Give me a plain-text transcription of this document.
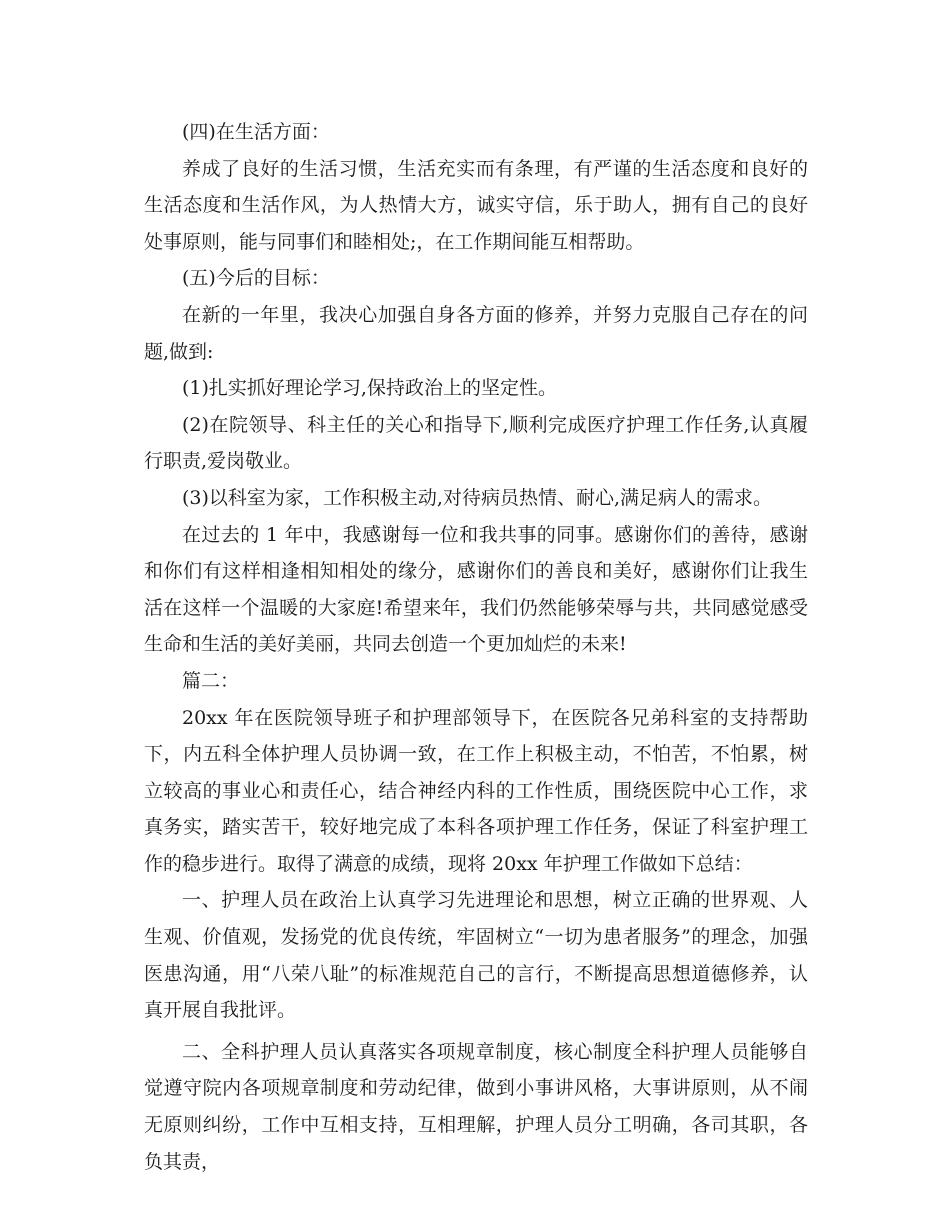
(四)在生活方面：

养成了良好的生活习惯，生活充实而有条理，有严谨的生活态度和良好的生活态度和生活作风，为人热情大方，诚实守信，乐于助人，拥有自己的良好处事原则，能与同事们和睦相处;，在工作期间能互相帮助。

(五)今后的目标：

在新的一年里，我决心加强自身各方面的修养，并努力克服自己存在的问题,做到:

(1)扎实抓好理论学习,保持政治上的坚定性。

(2)在院领导、科主任的关心和指导下,顺利完成医疗护理工作任务,认真履行职责,爱岗敬业。

(3)以科室为家，工作积极主动,对待病员热情、耐心,满足病人的需求。

在过去的 1 年中，我感谢每一位和我共事的同事。感谢你们的善待，感谢和你们有这样相逢相知相处的缘分，感谢你们的善良和美好，感谢你们让我生活在这样一个温暖的大家庭!希望来年，我们仍然能够荣辱与共，共同感觉感受生命和生活的美好美丽，共同去创造一个更加灿烂的未来!

篇二：

20xx 年在医院领导班子和护理部领导下，在医院各兄弟科室的支持帮助下，内五科全体护理人员协调一致，在工作上积极主动，不怕苦，不怕累，树立较高的事业心和责任心，结合神经内科的工作性质，围绕医院中心工作，求真务实，踏实苦干，较好地完成了本科各项护理工作任务，保证了科室护理工作的稳步进行。取得了满意的成绩，现将 20xx 年护理工作做如下总结：

一、护理人员在政治上认真学习先进理论和思想，树立正确的世界观、人生观、价值观，发扬党的优良传统，牢固树立“一切为患者服务”的理念，加强医患沟通，用“八荣八耻”的标准规范自己的言行，不断提高思想道德修养，认真开展自我批评。

二、全科护理人员认真落实各项规章制度，核心制度全科护理人员能够自觉遵守院内各项规章制度和劳动纪律，做到小事讲风格，大事讲原则，从不闹无原则纠纷，工作中互相支持，互相理解，护理人员分工明确，各司其职，各负其责，
